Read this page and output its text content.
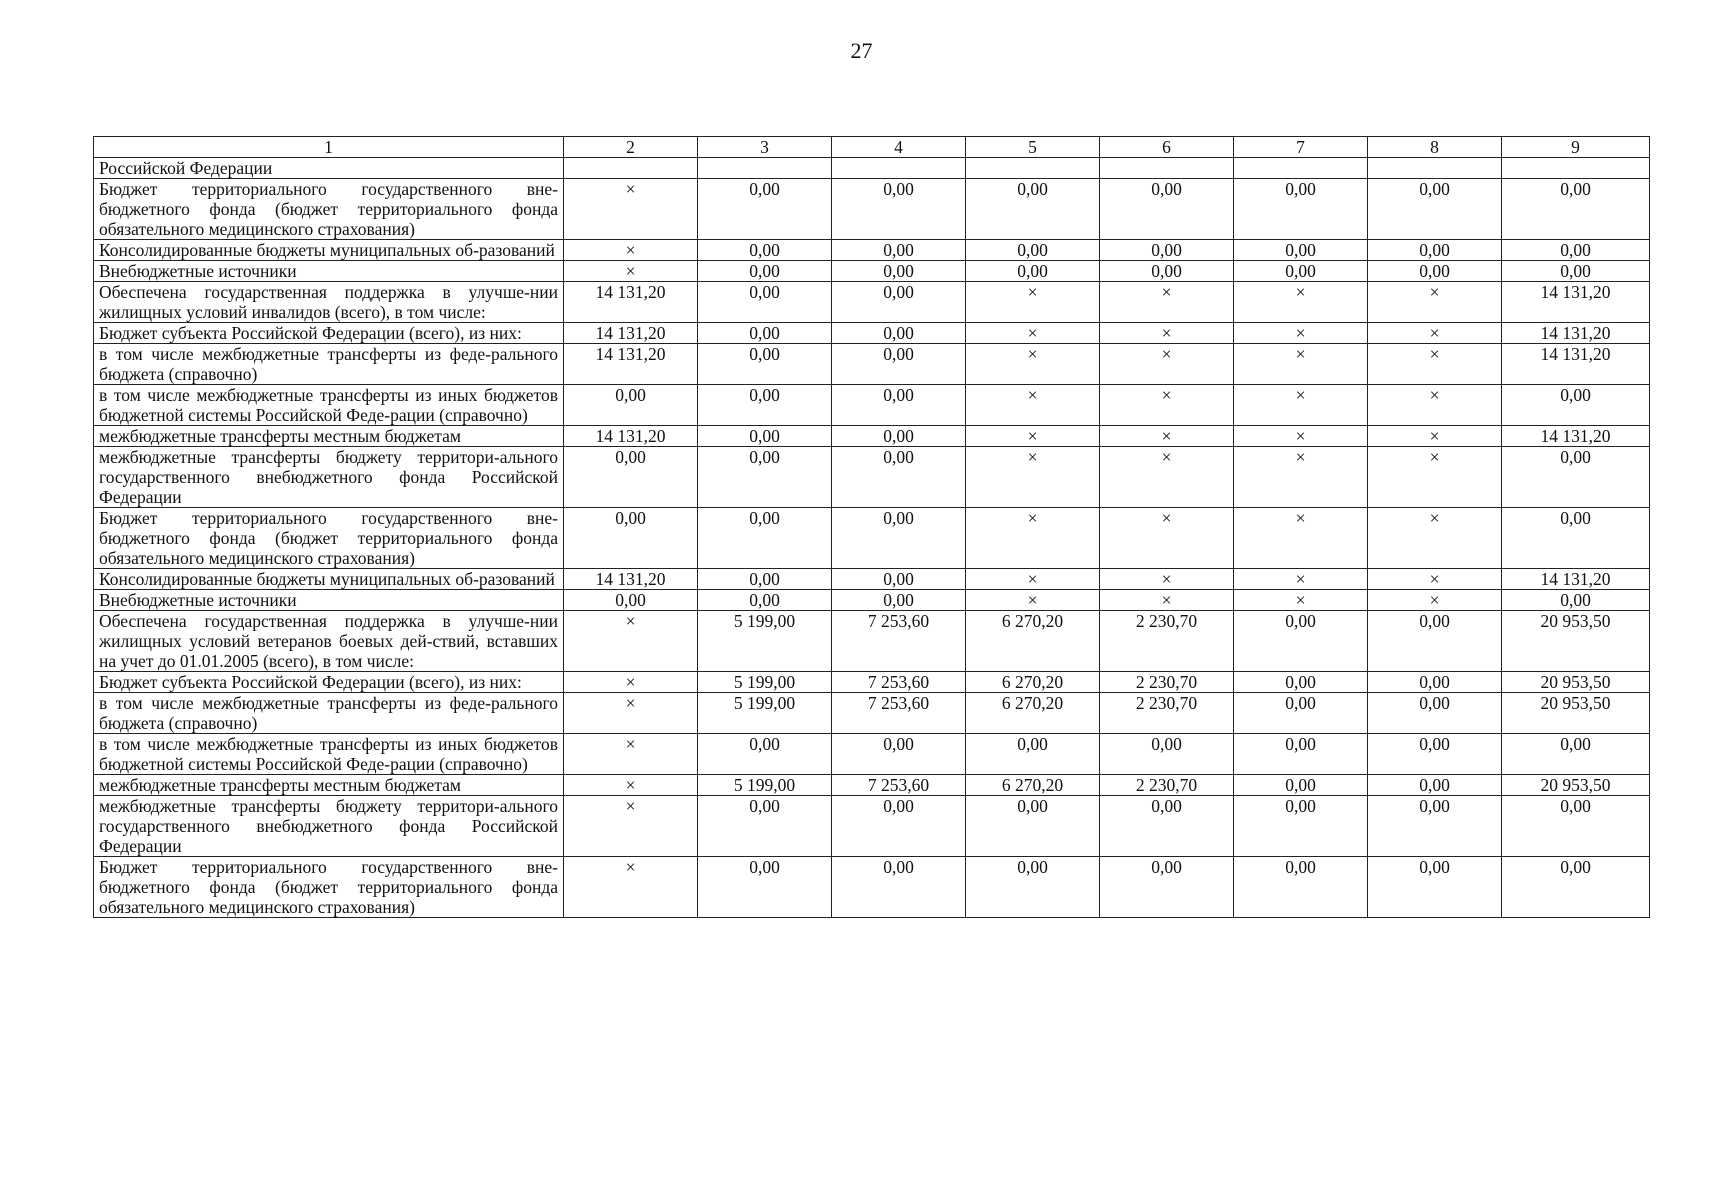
27
1	2	3	4	5	6	7	8	9
Российской Федерации								
Бюджет территориального государственного вне-бюджетного фонда (бюджет территориального фонда обязательного медицинского страхования)	×	0,00	0,00	0,00	0,00	0,00	0,00	0,00
Консолидированные бюджеты муниципальных об-разований	×	0,00	0,00	0,00	0,00	0,00	0,00	0,00
Внебюджетные источники	×	0,00	0,00	0,00	0,00	0,00	0,00	0,00
Обеспечена государственная поддержка в улучше-нии жилищных условий инвалидов (всего), в том числе:	14 131,20	0,00	0,00	×	×	×	×	14 131,20
Бюджет субъекта Российской Федерации (всего), из них:	14 131,20	0,00	0,00	×	×	×	×	14 131,20
в том числе межбюджетные трансферты из феде-рального бюджета (справочно)	14 131,20	0,00	0,00	×	×	×	×	14 131,20
в том числе межбюджетные трансферты из иных бюджетов бюджетной системы Российской Феде-рации (справочно)	0,00	0,00	0,00	×	×	×	×	0,00
межбюджетные трансферты местным бюджетам	14 131,20	0,00	0,00	×	×	×	×	14 131,20
межбюджетные трансферты бюджету территори-ального государственного внебюджетного фонда Российской Федерации	0,00	0,00	0,00	×	×	×	×	0,00
Бюджет территориального государственного вне-бюджетного фонда (бюджет территориального фонда обязательного медицинского страхования)	0,00	0,00	0,00	×	×	×	×	0,00
Консолидированные бюджеты муниципальных об-разований	14 131,20	0,00	0,00	×	×	×	×	14 131,20
Внебюджетные источники	0,00	0,00	0,00	×	×	×	×	0,00
Обеспечена государственная поддержка в улучше-нии жилищных условий ветеранов боевых дей-ствий, вставших на учет до 01.01.2005 (всего), в том числе:	×	5 199,00	7 253,60	6 270,20	2 230,70	0,00	0,00	20 953,50
Бюджет субъекта Российской Федерации (всего), из них:	×	5 199,00	7 253,60	6 270,20	2 230,70	0,00	0,00	20 953,50
в том числе межбюджетные трансферты из феде-рального бюджета (справочно)	×	5 199,00	7 253,60	6 270,20	2 230,70	0,00	0,00	20 953,50
в том числе межбюджетные трансферты из иных бюджетов бюджетной системы Российской Феде-рации (справочно)	×	0,00	0,00	0,00	0,00	0,00	0,00	0,00
межбюджетные трансферты местным бюджетам	×	5 199,00	7 253,60	6 270,20	2 230,70	0,00	0,00	20 953,50
межбюджетные трансферты бюджету территори-ального государственного внебюджетного фонда Российской Федерации	×	0,00	0,00	0,00	0,00	0,00	0,00	0,00
Бюджет территориального государственного вне-бюджетного фонда (бюджет территориального фонда обязательного медицинского страхования)	×	0,00	0,00	0,00	0,00	0,00	0,00	0,00
